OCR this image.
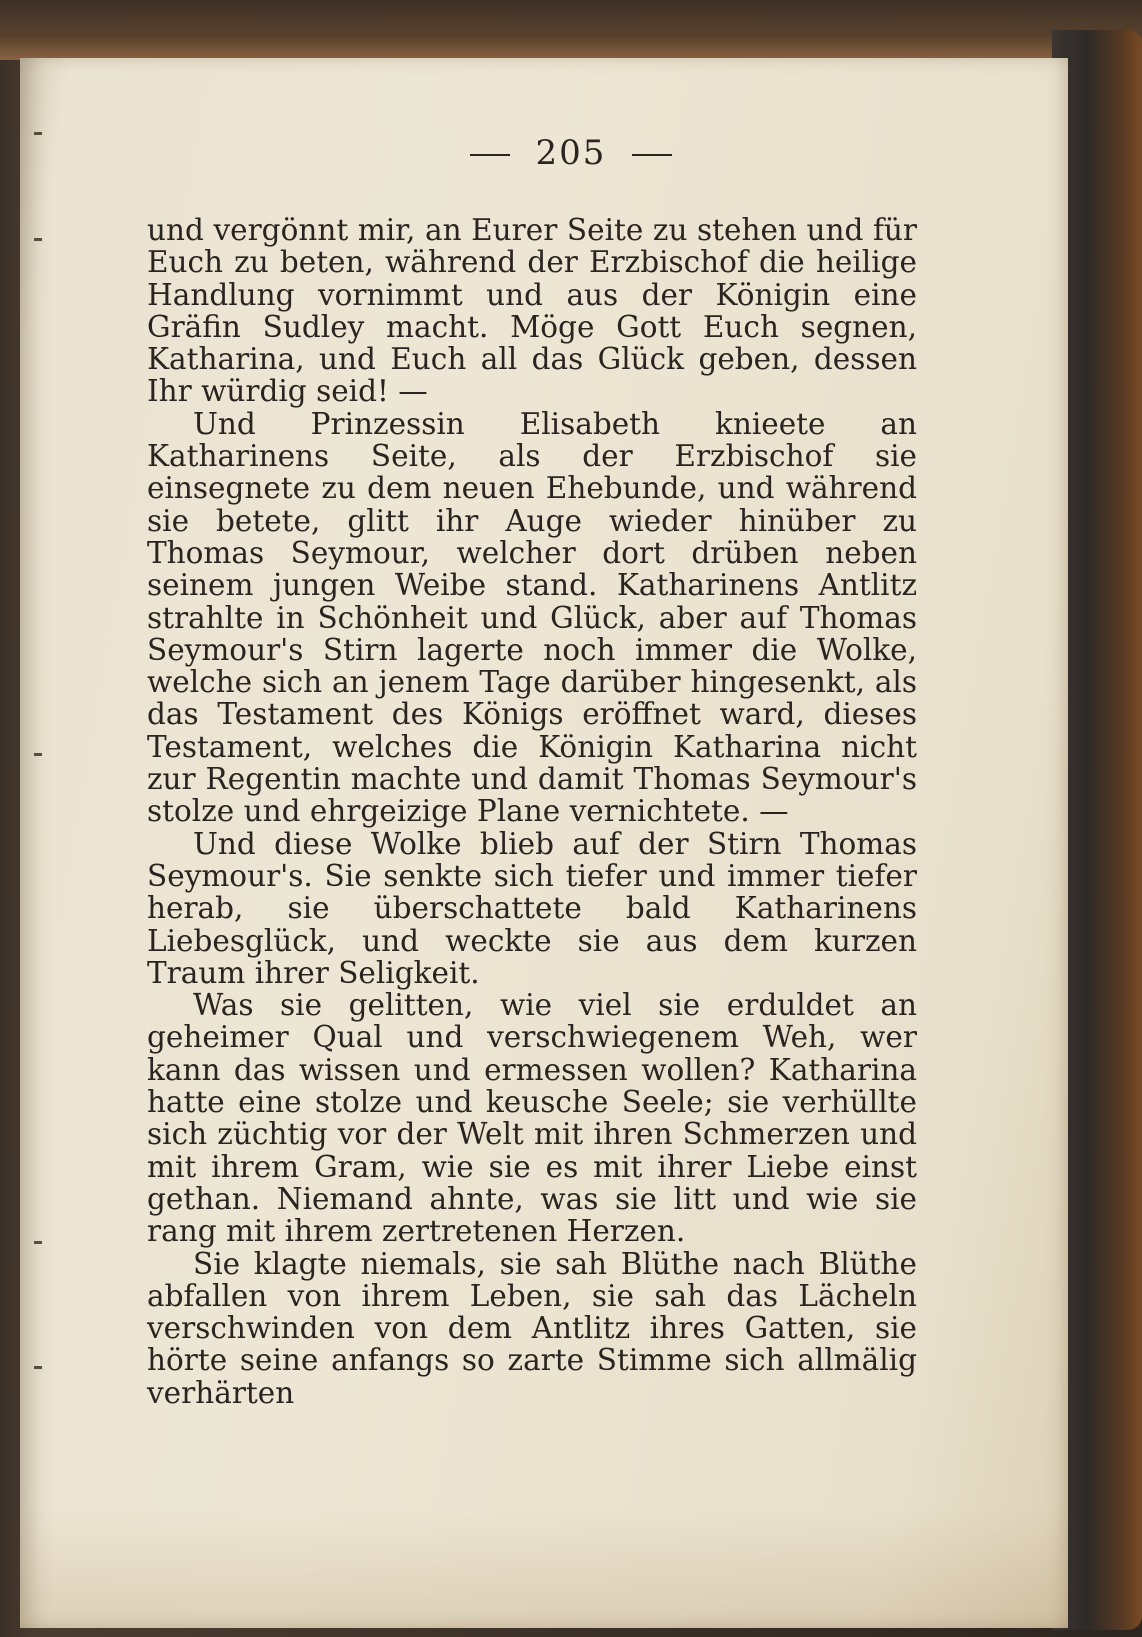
205

und vergönnt mir, an Eurer Seite zu stehen und für Euch zu beten, während der Erzbischof die heilige Handlung vornimmt und aus der Königin eine Gräfin Sudley macht. Möge Gott Euch segnen, Katharina, und Euch all das Glück geben, dessen Ihr würdig seid! —

Und Prinzessin Elisabeth knieete an Katharinens Seite, als der Erzbischof sie einsegnete zu dem neuen Ehebunde, und während sie betete, glitt ihr Auge wieder hinüber zu Thomas Seymour, welcher dort drüben neben seinem jungen Weibe stand. Katharinens Antlitz strahlte in Schönheit und Glück, aber auf Thomas Seymour's Stirn lagerte noch immer die Wolke, welche sich an jenem Tage darüber hingesenkt, als das Testament des Königs eröffnet ward, dieses Testament, welches die Königin Katharina nicht zur Regentin machte und damit Thomas Seymour's stolze und ehrgeizige Plane vernichtete. —

Und diese Wolke blieb auf der Stirn Thomas Seymour's. Sie senkte sich tiefer und immer tiefer herab, sie überschattete bald Katharinens Liebesglück, und weckte sie aus dem kurzen Traum ihrer Seligkeit.

Was sie gelitten, wie viel sie erduldet an geheimer Qual und verschwiegenem Weh, wer kann das wissen und ermessen wollen? Katharina hatte eine stolze und keusche Seele; sie verhüllte sich züchtig vor der Welt mit ihren Schmerzen und mit ihrem Gram, wie sie es mit ihrer Liebe einst gethan. Niemand ahnte, was sie litt und wie sie rang mit ihrem zertretenen Herzen.

Sie klagte niemals, sie sah Blüthe nach Blüthe abfallen von ihrem Leben, sie sah das Lächeln verschwinden von dem Antlitz ihres Gatten, sie hörte seine anfangs so zarte Stimme sich allmälig verhärten
